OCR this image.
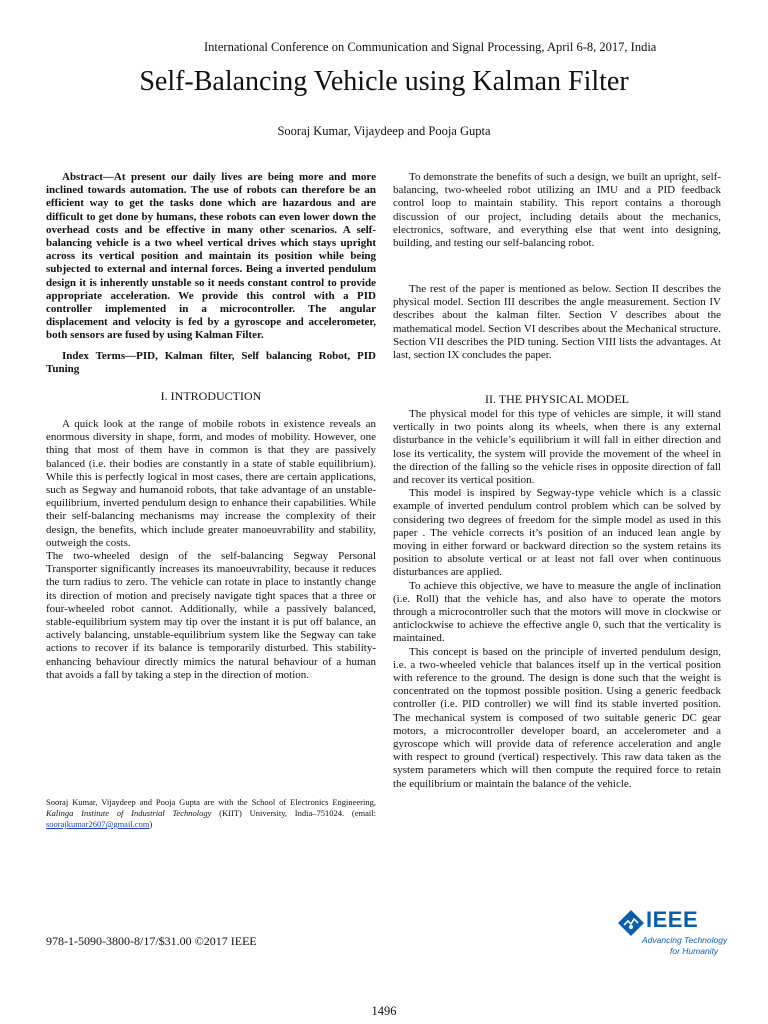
International Conference on Communication and Signal Processing, April 6-8, 2017, India
Self-Balancing Vehicle using Kalman Filter
Sooraj Kumar, Vijaydeep and Pooja Gupta

Abstract—At present our daily lives are being more and more inclined towards automation. The use of robots can therefore be an efficient way to get the tasks done which are hazardous and are difficult to get done by humans, these robots can even lower down the overhead costs and be effective in many other scenarios. A self-balancing vehicle is a two wheel vertical drives which stays upright across its vertical position and maintain its position while being subjected to external and internal forces. Being a inverted pendulum design it is inherently unstable so it needs constant control to provide appropriate acceleration. We provide this control with a PID controller implemented in a microcontroller. The angular displacement and velocity is fed by a gyroscope and accelerometer, both sensors are fused by using Kalman Filter.

Index Terms—PID, Kalman filter, Self balancing Robot, PID Tuning

I. INTRODUCTION

A quick look at the range of mobile robots in existence reveals an enormous diversity in shape, form, and modes of mobility. However, one thing that most of them have in common is that they are passively balanced (i.e. their bodies are constantly in a state of stable equilibrium). While this is perfectly logical in most cases, there are certain applications, such as Segway and humanoid robots, that take advantage of an unstable-equilibrium, inverted pendulum design to enhance their capabilities. While their self-balancing mechanisms may increase the complexity of their design, the benefits, which include greater manoeuvrability and stability, outweigh the costs.

The two-wheeled design of the self-balancing Segway Personal Transporter significantly increases its manoeuvrability, because it reduces the turn radius to zero. The vehicle can rotate in place to instantly change its direction of motion and precisely navigate tight spaces that a three or four-wheeled robot cannot. Additionally, while a passively balanced, stable-equilibrium system may tip over the instant it is put off balance, an actively balancing, unstable-equilibrium system like the Segway can take actions to recover if its balance is temporarily disturbed. This stability-enhancing behaviour directly mimics the natural behaviour of a human that avoids a fall by taking a step in the direction of motion.

Sooraj Kumar, Vijaydeep and Pooja Gupta are with the School of Electronics Engineering, Kalinga Institute of Industrial Technology (KIIT) University, India–751024. (email: soorajkumar2607@gmail.com)

To demonstrate the benefits of such a design, we built an upright, self-balancing, two-wheeled robot utilizing an IMU and a PID feedback control loop to maintain stability. This report contains a thorough discussion of our project, including details about the mechanics, electronics, software, and everything else that went into designing, building, and testing our self-balancing robot.

The rest of the paper is mentioned as below. Section II describes the physical model. Section III describes the angle measurement. Section IV describes about the kalman filter. Section V describes about the mathematical model. Section VI describes about the Mechanical structure. Section VII describes the PID tuning. Section VIII lists the advantages. At last, section IX concludes the paper.

II. THE PHYSICAL MODEL

The physical model for this type of vehicles are simple, it will stand vertically in two points along its wheels, when there is any external disturbance in the vehicle’s equilibrium it will fall in either direction and lose its verticality, the system will provide the movement of the wheel in the direction of the falling so the vehicle rises in opposite direction of fall and recover its vertical position.

This model is inspired by Segway-type vehicle which is a classic example of inverted pendulum control problem which can be solved by considering two degrees of freedom for the simple model as used in this paper . The vehicle corrects it’s position of an induced lean angle by moving in either forward or backward direction so the system retains its position to absolute vertical or at least not fall over when continuous disturbances are applied.

To achieve this objective, we have to measure the angle of inclination (i.e. Roll) that the vehicle has, and also have to operate the motors through a microcontroller such that the motors will move in clockwise or anticlockwise to achieve the effective angle 0, such that the verticality is maintained.

This concept is based on the principle of inverted pendulum design, i.e. a two-wheeled vehicle that balances itself up in the vertical position with reference to the ground. The design is done such that the weight is concentrated on the topmost possible position. Using a generic feedback controller (i.e. PID controller) we will find its stable inverted position. The mechanical system is composed of two suitable generic DC gear motors, a microcontroller developer board, an accelerometer and a gyroscope which will provide data of reference acceleration and angle with respect to ground (vertical) respectively. This raw data taken as the system parameters which will then compute the required force to retain the equilibrium or maintain the balance of the vehicle.

978-1-5090-3800-8/17/$31.00 ©2017 IEEE
IEEE
Advancing Technology
for Humanity
1496
